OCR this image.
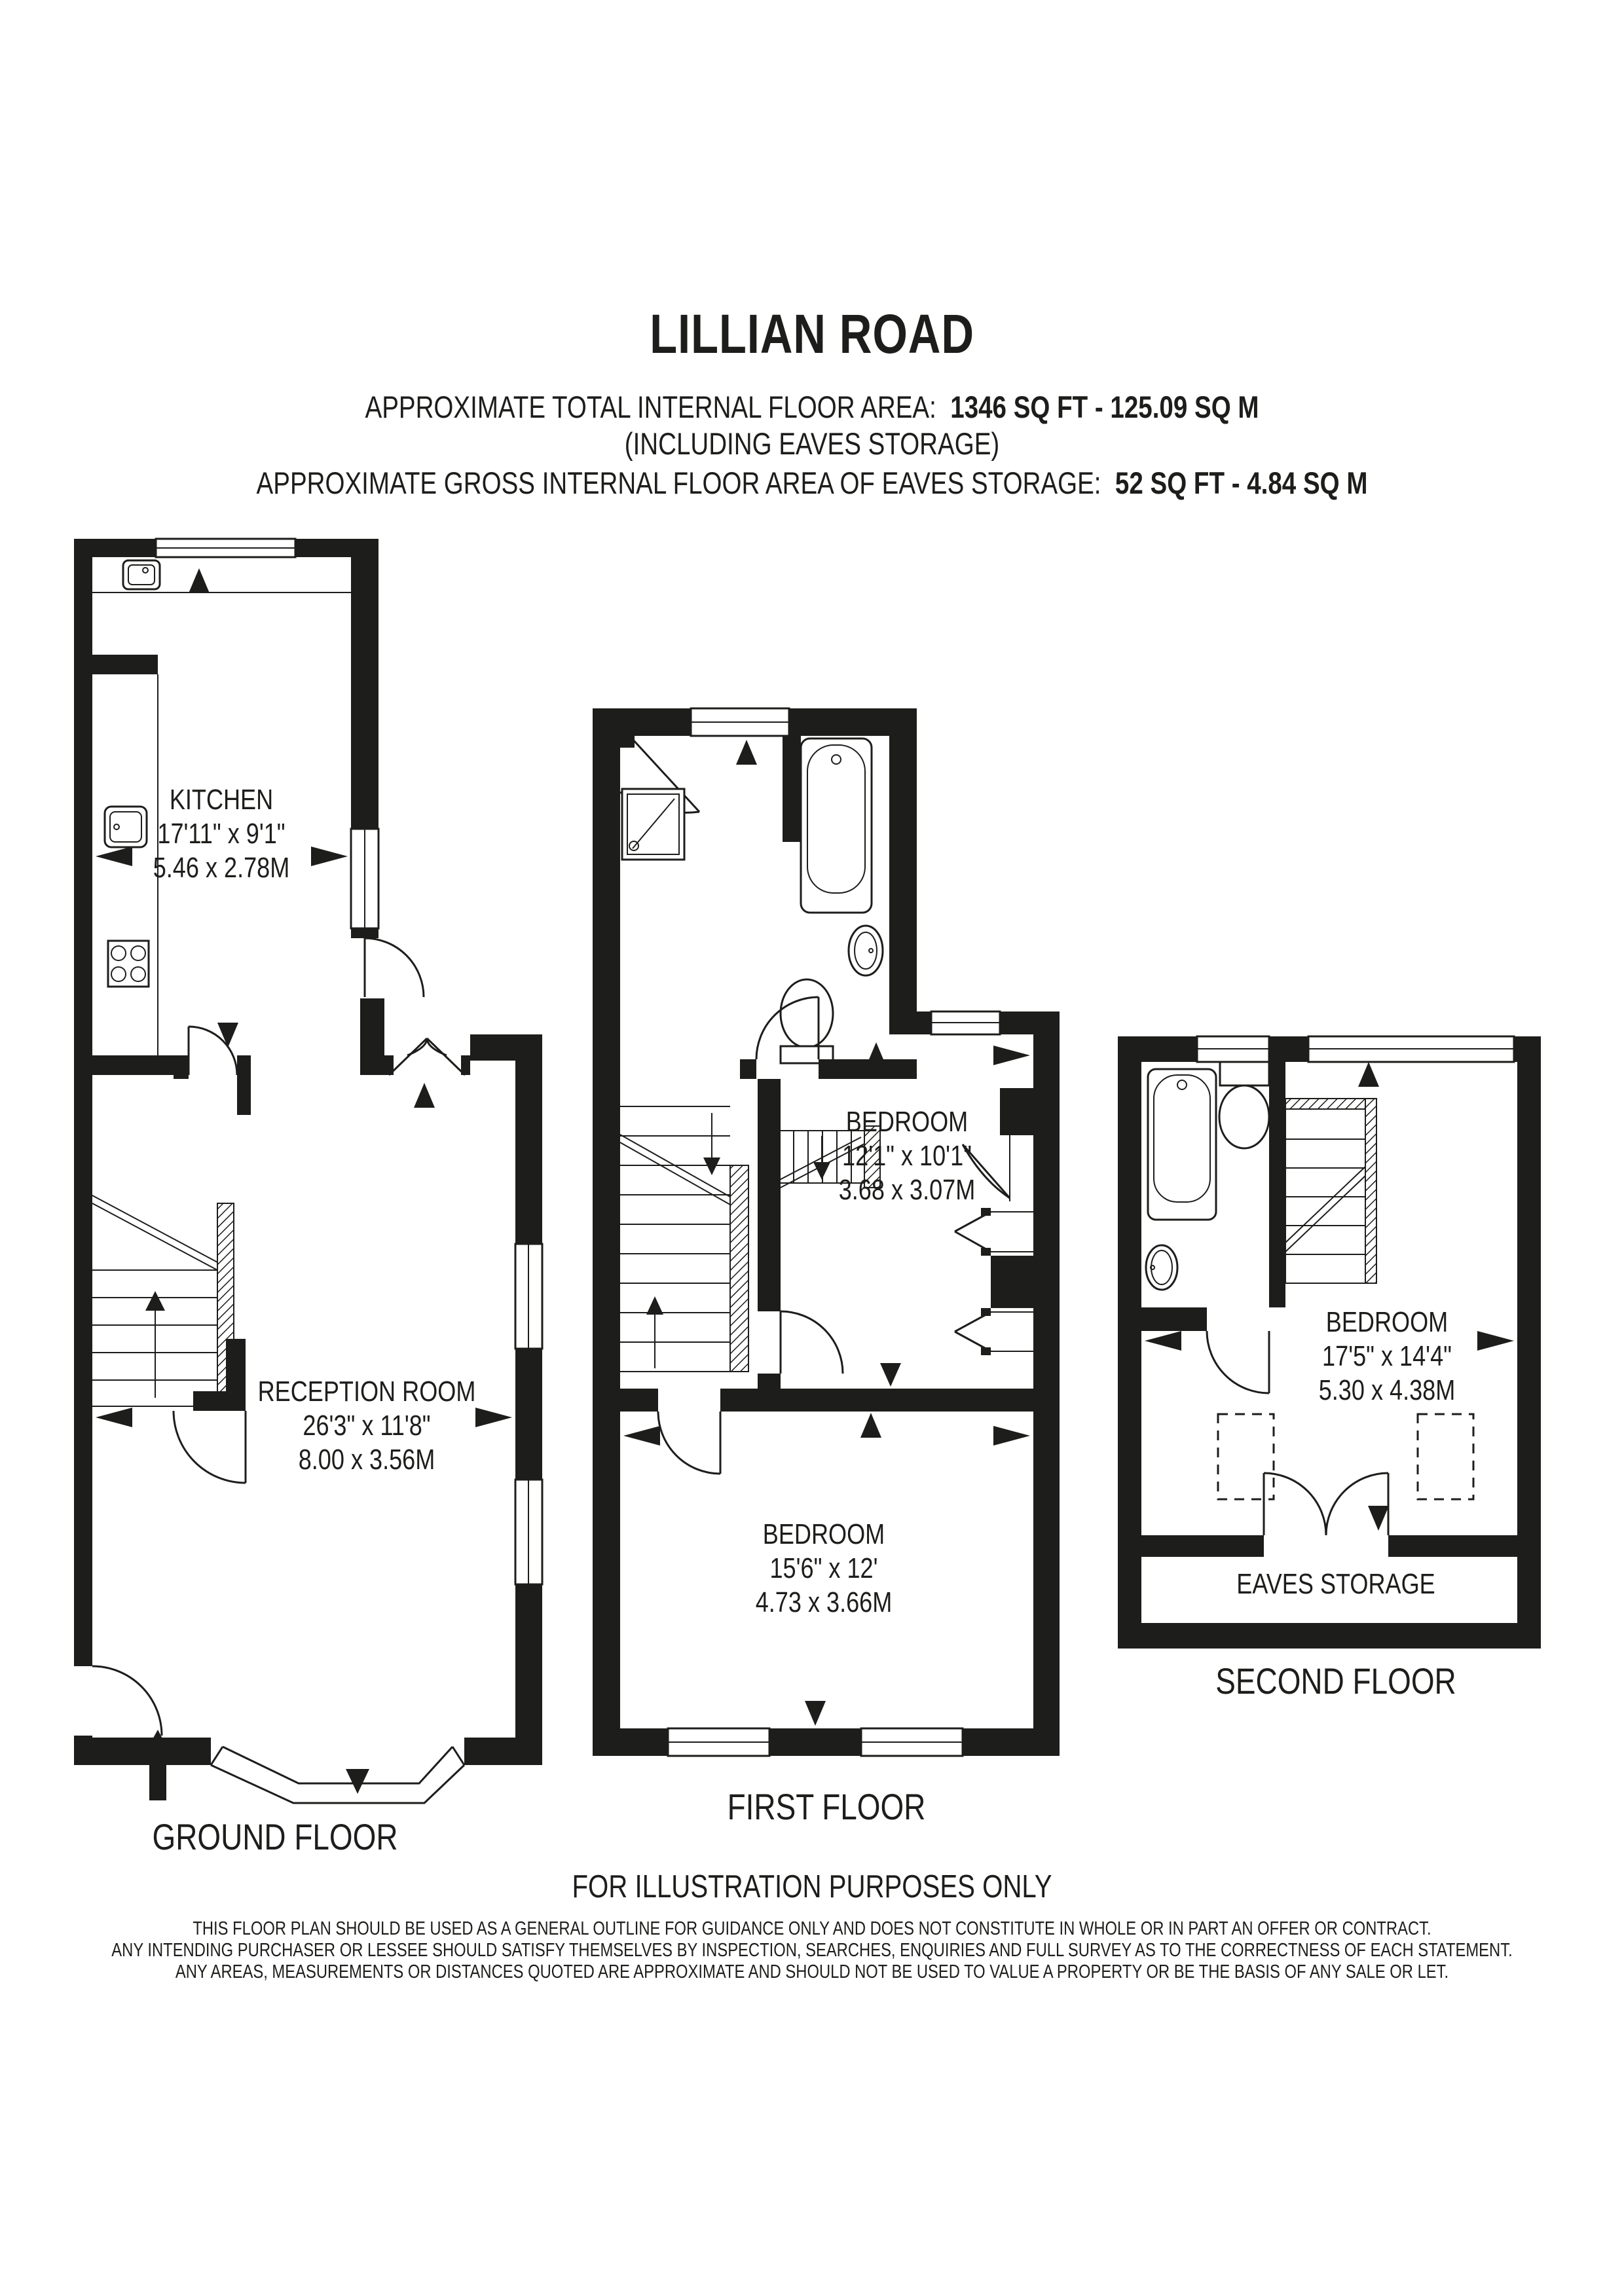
LILLIAN ROAD
APPROXIMATE TOTAL INTERNAL FLOOR AREA: 1346 SQ FT - 125.09 SQ M
(INCLUDING EAVES STORAGE)
APPROXIMATE GROSS INTERNAL FLOOR AREA OF EAVES STORAGE: 52 SQ FT - 4.84 SQ M
KITCHEN
17'11" x 9'1"
5.46 x 2.78M
RECEPTION ROOM
26'3" x 11'8"
8.00 x 3.56M
BEDROOM
12'1" x 10'1"
3.68 x 3.07M
BEDROOM
15'6" x 12'
4.73 x 3.66M
BEDROOM
17'5" x 14'4"
5.30 x 4.38M
EAVES STORAGE
GROUND FLOOR
FIRST FLOOR
SECOND FLOOR
FOR ILLUSTRATION PURPOSES ONLY
THIS FLOOR PLAN SHOULD BE USED AS A GENERAL OUTLINE FOR GUIDANCE ONLY AND DOES NOT CONSTITUTE IN WHOLE OR IN PART AN OFFER OR CONTRACT.
ANY INTENDING PURCHASER OR LESSEE SHOULD SATISFY THEMSELVES BY INSPECTION, SEARCHES, ENQUIRIES AND FULL SURVEY AS TO THE CORRECTNESS OF EACH STATEMENT.
ANY AREAS, MEASUREMENTS OR DISTANCES QUOTED ARE APPROXIMATE AND SHOULD NOT BE USED TO VALUE A PROPERTY OR BE THE BASIS OF ANY SALE OR LET.
